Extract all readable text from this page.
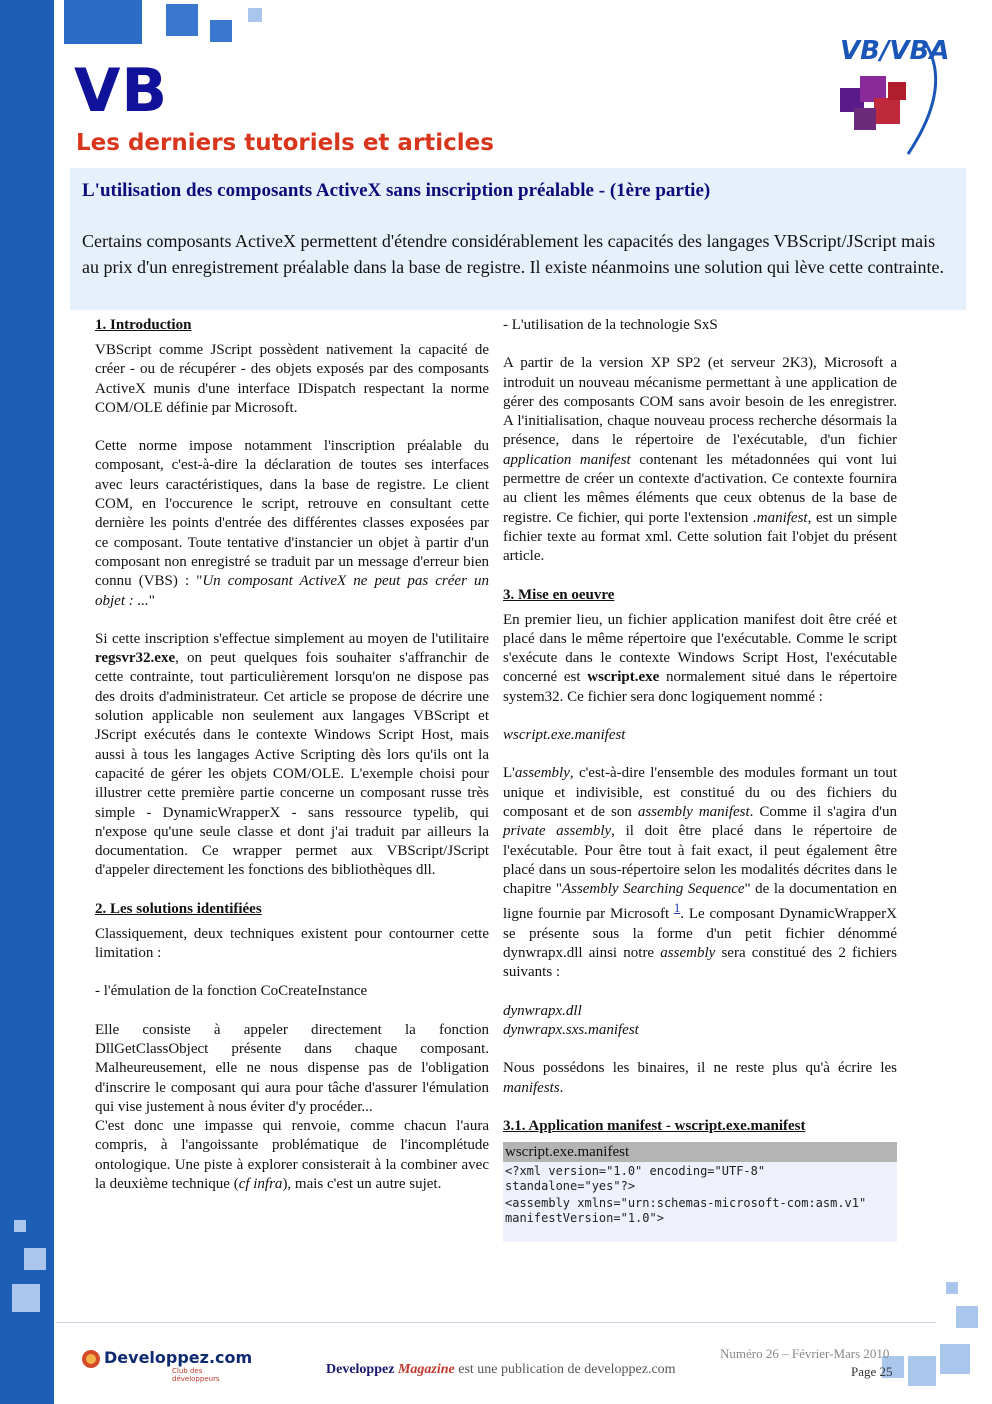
VB
Les derniers tutoriels et articles
VB/VBA
L'utilisation des composants ActiveX sans inscription préalable - (1ère partie)
Certains composants ActiveX permettent d'étendre considérablement les capacités des langages VBScript/JScript mais au prix d'un enregistrement préalable dans la base de registre. Il existe néanmoins une solution qui lève cette contrainte.
1. Introduction

VBScript comme JScript possèdent nativement la capacité de créer - ou de récupérer - des objets exposés par des composants ActiveX munis d'une interface IDispatch respectant la norme COM/OLE définie par Microsoft.

Cette norme impose notamment l'inscription préalable du composant, c'est-à-dire la déclaration de toutes ses interfaces avec leurs caractéristiques, dans la base de registre. Le client COM, en l'occurence le script, retrouve en consultant cette dernière les points d'entrée des différentes classes exposées par ce composant. Toute tentative d'instancier un objet à partir d'un composant non enregistré se traduit par un message d'erreur bien connu (VBS) : "Un composant ActiveX ne peut pas créer un objet : ..."

Si cette inscription s'effectue simplement au moyen de l'utilitaire regsvr32.exe, on peut quelques fois souhaiter s'affranchir de cette contrainte, tout particulièrement lorsqu'on ne dispose pas des droits d'administrateur. Cet article se propose de décrire une solution applicable non seulement aux langages VBScript et JScript exécutés dans le contexte Windows Script Host, mais aussi à tous les langages Active Scripting dès lors qu'ils ont la capacité de gérer les objets COM/OLE. L'exemple choisi pour illustrer cette première partie concerne un composant russe très simple - DynamicWrapperX - sans ressource typelib, qui n'expose qu'une seule classe et dont j'ai traduit par ailleurs la documentation. Ce wrapper permet aux VBScript/JScript d'appeler directement les fonctions des bibliothèques dll.

2. Les solutions identifiées

Classiquement, deux techniques existent pour contourner cette limitation :

- l'émulation de la fonction CoCreateInstance

Elle consiste à appeler directement la fonction DllGetClassObject présente dans chaque composant. Malheureusement, elle ne nous dispense pas de l'obligation d'inscrire le composant qui aura pour tâche d'assurer l'émulation qui vise justement à nous éviter d'y procéder...

C'est donc une impasse qui renvoie, comme chacun l'aura compris, à l'angoissante problématique de l'incomplétude ontologique. Une piste à explorer consisterait à la combiner avec la deuxième technique (cf infra), mais c'est un autre sujet.

- L'utilisation de la technologie SxS

A partir de la version XP SP2 (et serveur 2K3), Microsoft a introduit un nouveau mécanisme permettant à une application de gérer des composants COM sans avoir besoin de les enregistrer. A l'initialisation, chaque nouveau process recherche désormais la présence, dans le répertoire de l'exécutable, d'un fichier application manifest contenant les métadonnées qui vont lui permettre de créer un contexte d'activation. Ce contexte fournira au client les mêmes éléments que ceux obtenus de la base de registre. Ce fichier, qui porte l'extension .manifest, est un simple fichier texte au format xml. Cette solution fait l'objet du présent article.

3. Mise en oeuvre

En premier lieu, un fichier application manifest doit être créé et placé dans le même répertoire que l'exécutable. Comme le script s'exécute dans le contexte Windows Script Host, l'exécutable concerné est wscript.exe normalement situé dans le répertoire system32. Ce fichier sera donc logiquement nommé :

wscript.exe.manifest

L'assembly, c'est-à-dire l'ensemble des modules formant un tout unique et indivisible, est constitué du ou des fichiers du composant et de son assembly manifest. Comme il s'agira d'un private assembly, il doit être placé dans le répertoire de l'exécutable. Pour être tout à fait exact, il peut également être placé dans un sous-répertoire selon les modalités décrites dans le chapitre "Assembly Searching Sequence" de la documentation en ligne fournie par Microsoft $^1$. Le composant DynamicWrapperX se présente sous la forme d'un petit fichier dénommé dynwrapx.dll ainsi notre assembly sera constitué des 2 fichiers suivants :

dynwrapx.dll
dynwrapx.sxs.manifest

Nous possédons les binaires, il ne reste plus qu'à écrire les manifests.

3.1. Application manifest - wscript.exe.manifest
wscript.exe.manifest
<?xml version="1.0" encoding="UTF-8" standalone="yes"?>
<assembly xmlns="urn:schemas-microsoft-com:asm.v1" manifestVersion="1.0">
Developpez.com
Club des développeurs
Developpez Magazine est une publication de developpez.com
Numéro 26 – Février-Mars 2010
Page 25
